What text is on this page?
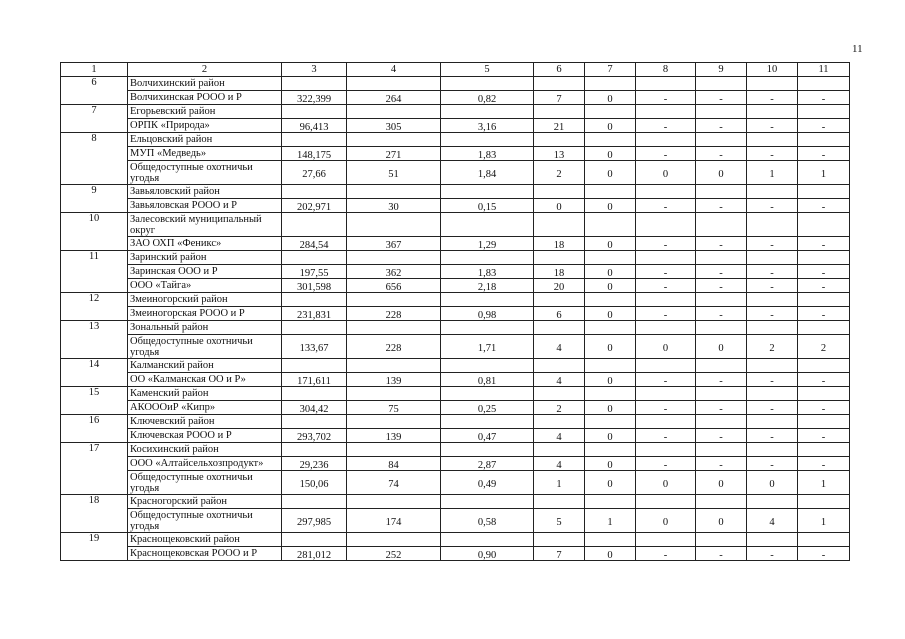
11
1	2	3	4	5	6	7	8	9	10	11
6	Волчихинский район									
	Волчихинская РООО и Р	322,399	264	0,82	7	0	-	-	-	-
7	Егорьевский район									
	ОРПК «Природа»	96,413	305	3,16	21	0	-	-	-	-
8	Ельцовский район									
	МУП «Медведь»	148,175	271	1,83	13	0	-	-	-	-
	Общедоступные охотничьи угодья	27,66	51	1,84	2	0	0	0	1	1
9	Завьяловский район									
	Завьяловская РООО и Р	202,971	30	0,15	0	0	-	-	-	-
10	Залесовский муниципальный округ									
	ЗАО ОХП «Феникс»	284,54	367	1,29	18	0	-	-	-	-
11	Заринский район									
	Заринская ООО и Р	197,55	362	1,83	18	0	-	-	-	-
	ООО «Тайга»	301,598	656	2,18	20	0	-	-	-	-
12	Змеиногорский район									
	Змеиногорская РООО и Р	231,831	228	0,98	6	0	-	-	-	-
13	Зональный район									
	Общедоступные охотничьи угодья	133,67	228	1,71	4	0	0	0	2	2
14	Калманский район									
	ОО «Калманская ОО и Р»	171,611	139	0,81	4	0	-	-	-	-
15	Каменский район									
	АКОООиР «Кипр»	304,42	75	0,25	2	0	-	-	-	-
16	Ключевский район									
	Ключевская РООО и Р	293,702	139	0,47	4	0	-	-	-	-
17	Косихинский район									
	ООО «Алтайсельхозпродукт»	29,236	84	2,87	4	0	-	-	-	-
	Общедоступные охотничьи угодья	150,06	74	0,49	1	0	0	0	0	1
18	Красногорский район									
	Общедоступные охотничьи угодья	297,985	174	0,58	5	1	0	0	4	1
19	Краснощековский район									
	Краснощековская РООО и Р	281,012	252	0,90	7	0	-	-	-	-
